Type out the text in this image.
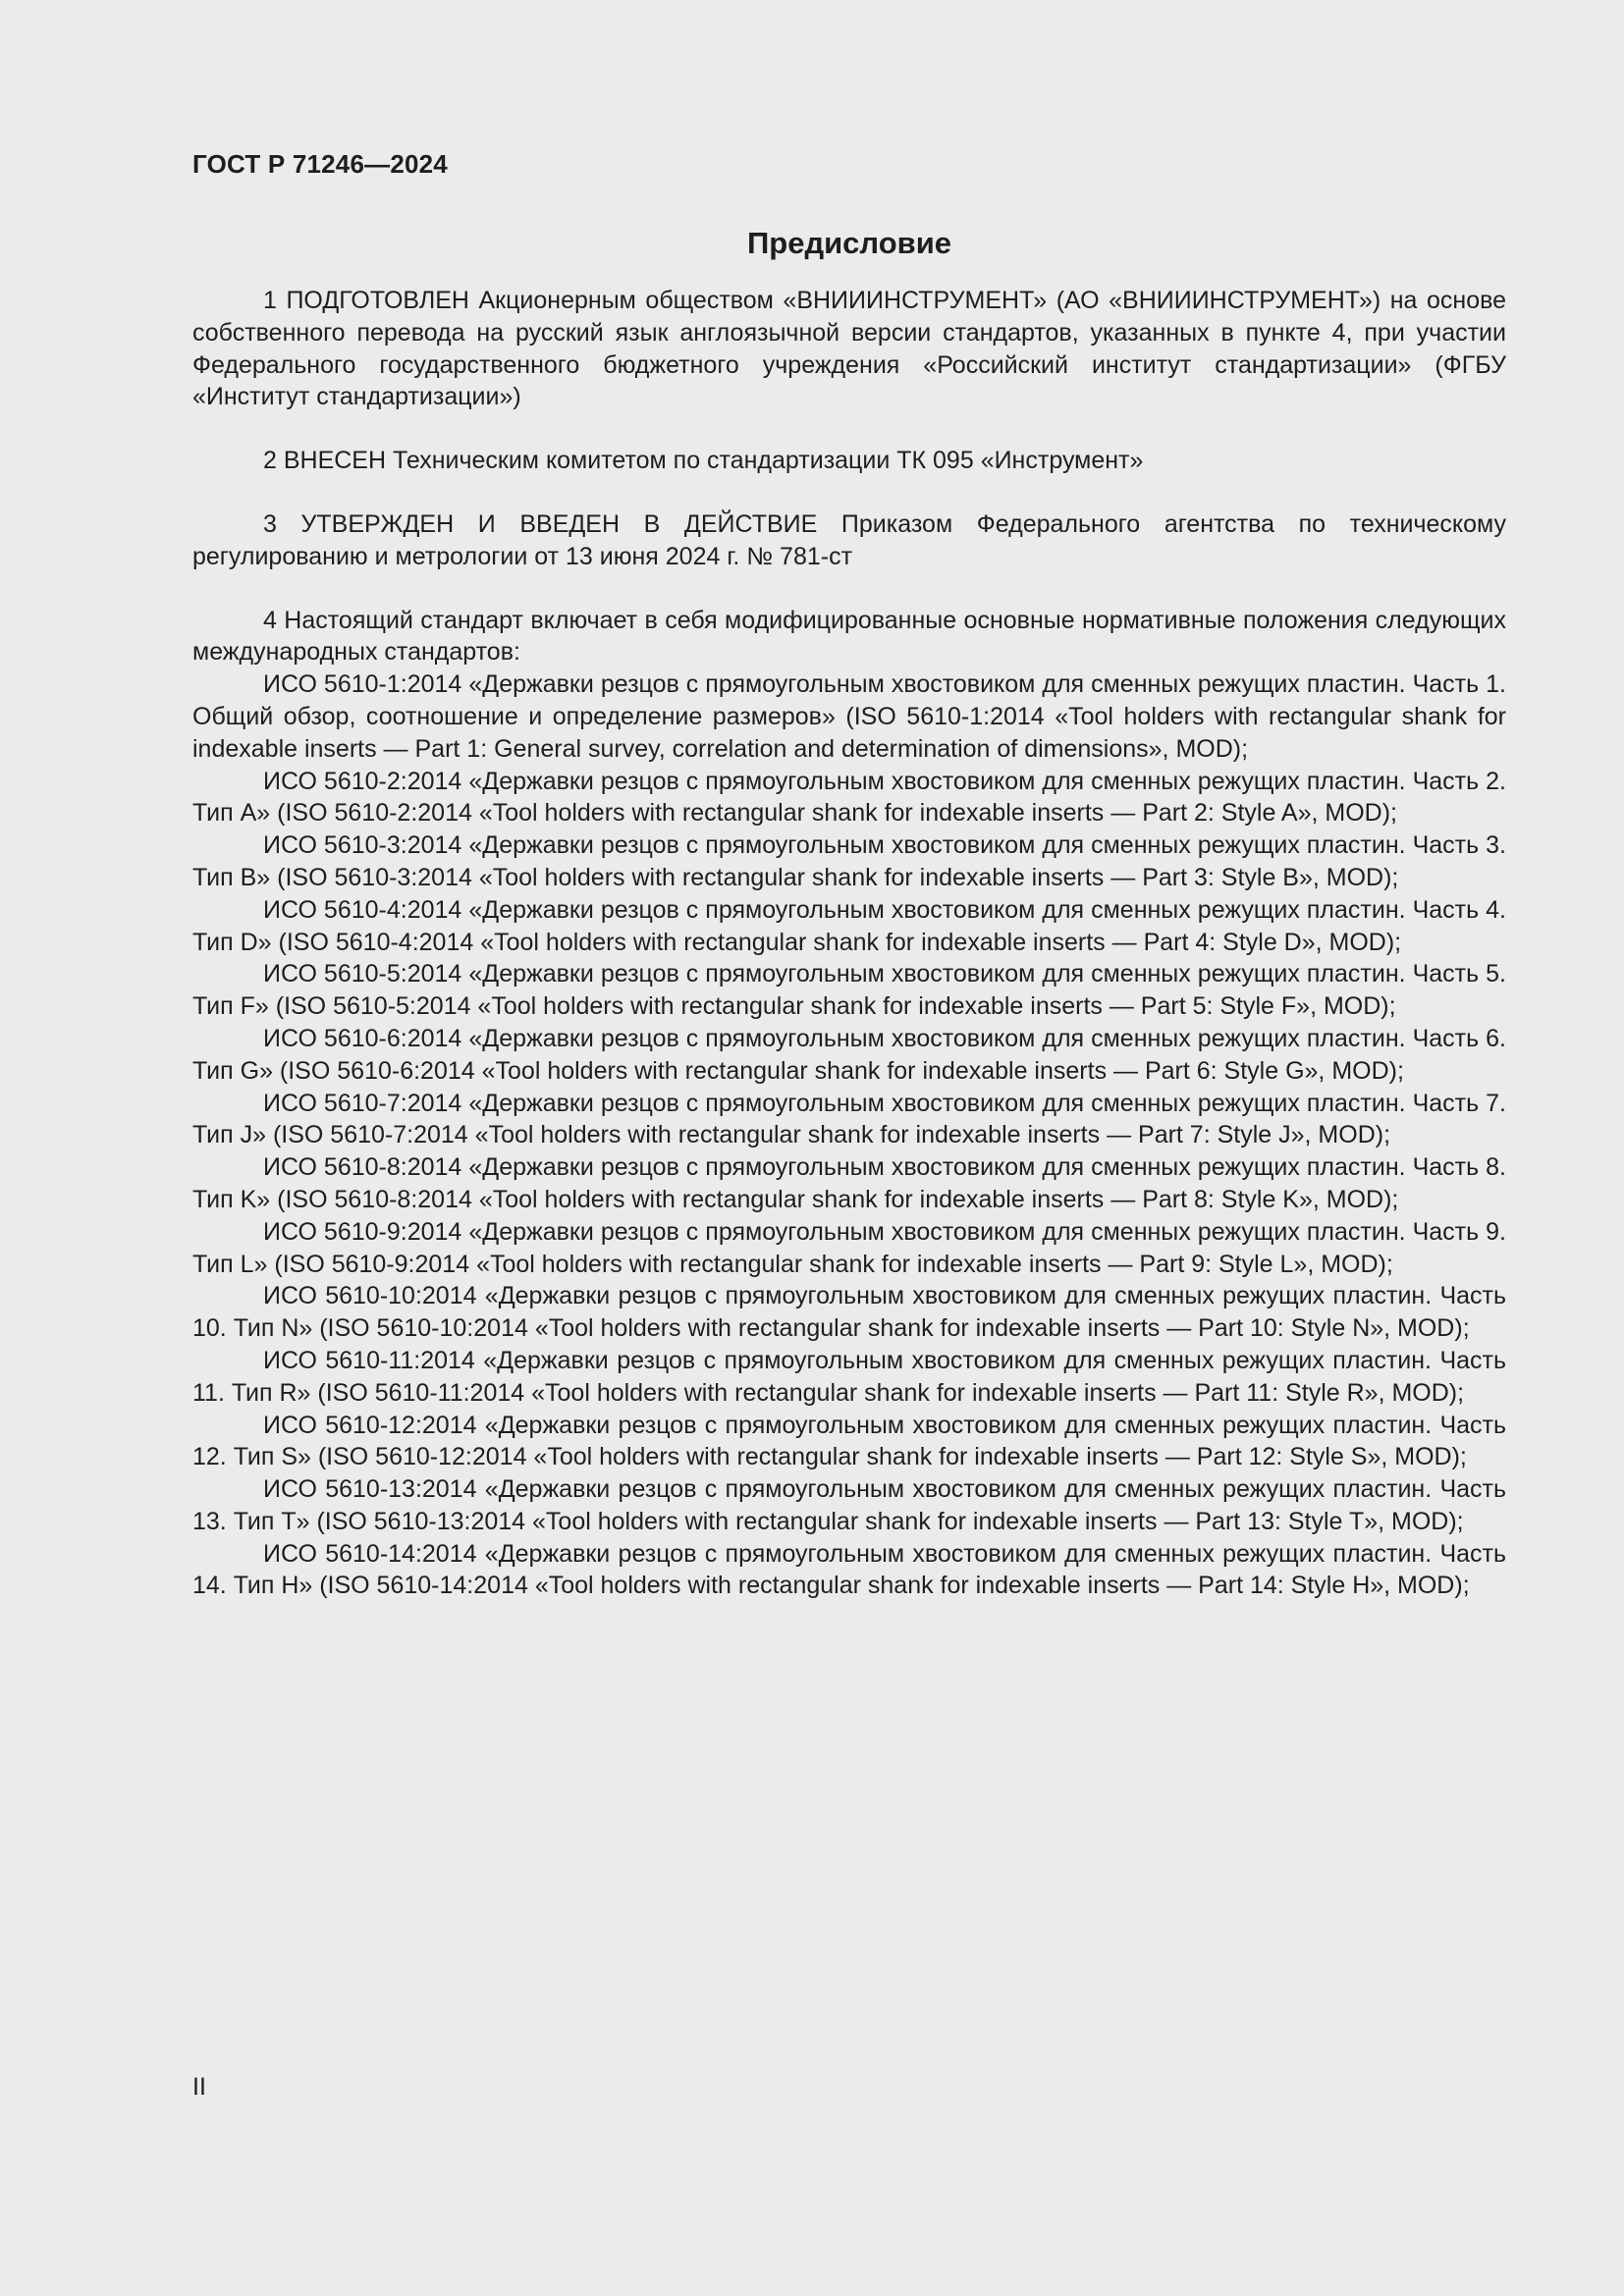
ГОСТ Р 71246—2024
Предисловие

1 ПОДГОТОВЛЕН Акционерным обществом «ВНИИИНСТРУМЕНТ» (АО «ВНИИИНСТРУМЕНТ») на основе собственного перевода на русский язык англоязычной версии стандартов, указанных в пункте 4, при участии Федерального государственного бюджетного учреждения «Российский институт стандартизации» (ФГБУ «Институт стандартизации»)

2 ВНЕСЕН Техническим комитетом по стандартизации ТК 095 «Инструмент»

3 УТВЕРЖДЕН И ВВЕДЕН В ДЕЙСТВИЕ Приказом Федерального агентства по техническому регулированию и метрологии от 13 июня 2024 г. № 781-ст

4 Настоящий стандарт включает в себя модифицированные основные нормативные положения следующих международных стандартов:

ИСО 5610-1:2014 «Державки резцов с прямоугольным хвостовиком для сменных режущих пластин. Часть 1. Общий обзор, соотношение и определение размеров» (ISO 5610-1:2014 «Tool holders with rectangular shank for indexable inserts — Part 1: General survey, correlation and determination of dimensions», MOD);

ИСО 5610-2:2014 «Державки резцов с прямоугольным хвостовиком для сменных режущих пластин. Часть 2. Тип А» (ISO 5610-2:2014 «Tool holders with rectangular shank for indexable inserts — Part 2: Style A», MOD);

ИСО 5610-3:2014 «Державки резцов с прямоугольным хвостовиком для сменных режущих пластин. Часть 3. Тип В» (ISO 5610-3:2014 «Tool holders with rectangular shank for indexable inserts — Part 3: Style B», MOD);

ИСО 5610-4:2014 «Державки резцов с прямоугольным хвостовиком для сменных режущих пластин. Часть 4. Тип D» (ISO 5610-4:2014 «Tool holders with rectangular shank for indexable inserts — Part 4: Style D», MOD);

ИСО 5610-5:2014 «Державки резцов с прямоугольным хвостовиком для сменных режущих пластин. Часть 5. Тип F» (ISO 5610-5:2014 «Tool holders with rectangular shank for indexable inserts — Part 5: Style F», MOD);

ИСО 5610-6:2014 «Державки резцов с прямоугольным хвостовиком для сменных режущих пластин. Часть 6. Тип G» (ISO 5610-6:2014 «Tool holders with rectangular shank for indexable inserts — Part 6: Style G», MOD);

ИСО 5610-7:2014 «Державки резцов с прямоугольным хвостовиком для сменных режущих пластин. Часть 7. Тип J» (ISO 5610-7:2014 «Tool holders with rectangular shank for indexable inserts — Part 7: Style J», MOD);

ИСО 5610-8:2014 «Державки резцов с прямоугольным хвостовиком для сменных режущих пластин. Часть 8. Тип K» (ISO 5610-8:2014 «Tool holders with rectangular shank for indexable inserts — Part 8: Style K», MOD);

ИСО 5610-9:2014 «Державки резцов с прямоугольным хвостовиком для сменных режущих пластин. Часть 9. Тип L» (ISO 5610-9:2014 «Tool holders with rectangular shank for indexable inserts — Part 9: Style L», MOD);

ИСО 5610-10:2014 «Державки резцов с прямоугольным хвостовиком для сменных режущих пластин. Часть 10. Тип N» (ISO 5610-10:2014 «Tool holders with rectangular shank for indexable inserts — Part 10: Style N», MOD);

ИСО 5610-11:2014 «Державки резцов с прямоугольным хвостовиком для сменных режущих пластин. Часть 11. Тип R» (ISO 5610-11:2014 «Tool holders with rectangular shank for indexable inserts — Part 11: Style R», MOD);

ИСО 5610-12:2014 «Державки резцов с прямоугольным хвостовиком для сменных режущих пластин. Часть 12. Тип S» (ISO 5610-12:2014 «Tool holders with rectangular shank for indexable inserts — Part 12: Style S», MOD);

ИСО 5610-13:2014 «Державки резцов с прямоугольным хвостовиком для сменных режущих пластин. Часть 13. Тип T» (ISO 5610-13:2014 «Tool holders with rectangular shank for indexable inserts — Part 13: Style T», MOD);

ИСО 5610-14:2014 «Державки резцов с прямоугольным хвостовиком для сменных режущих пластин. Часть 14. Тип H» (ISO 5610-14:2014 «Tool holders with rectangular shank for indexable inserts — Part 14: Style H», MOD);

II
